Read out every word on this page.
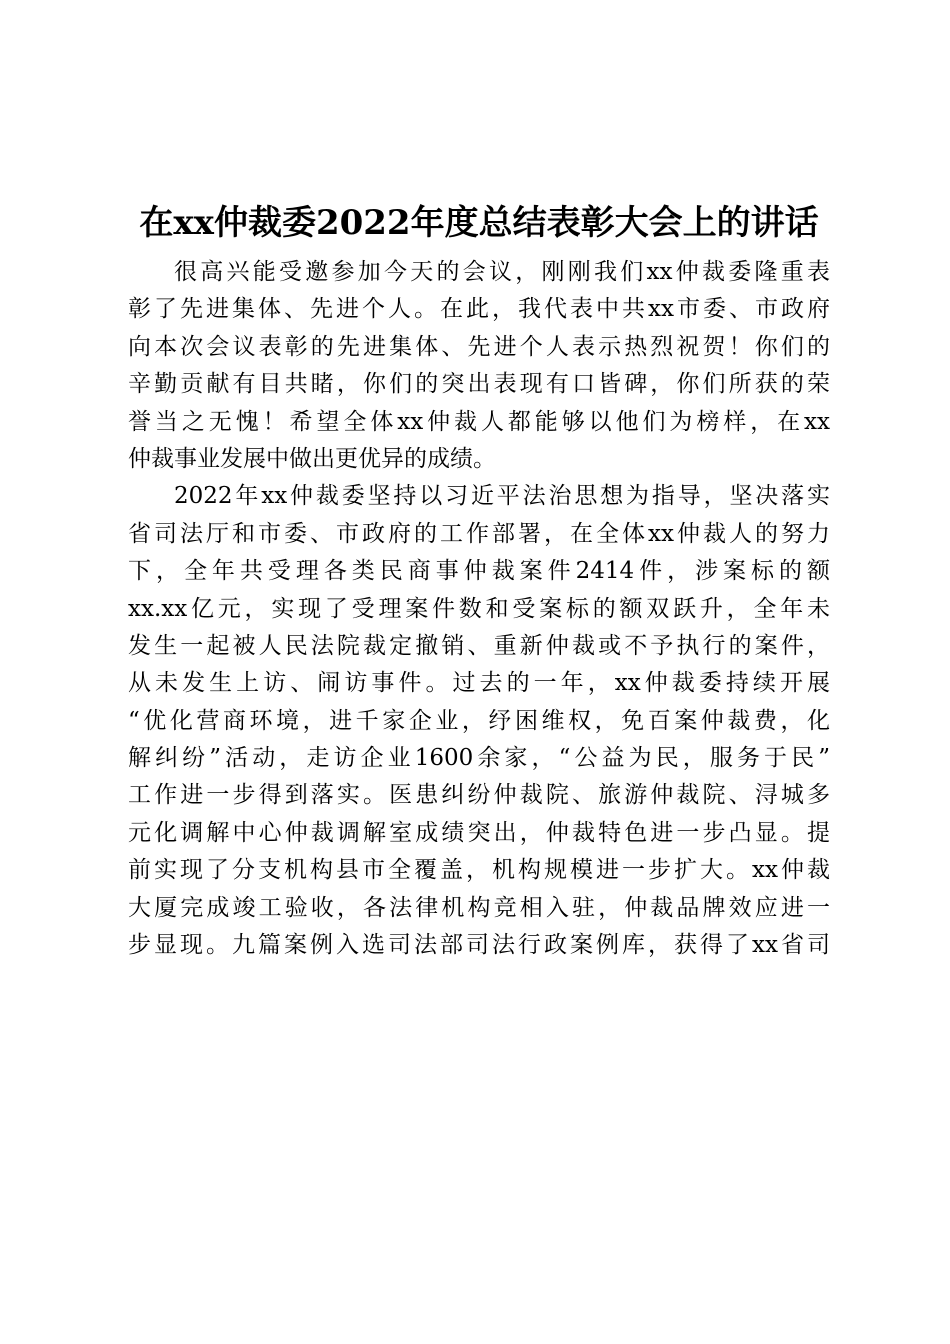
在xx仲裁委2022年度总结表彰大会上的讲话

很高兴能受邀参加今天的会议，刚刚我们xx仲裁委隆重表
彰了先进集体、先进个人。在此，我代表中共xx市委、市政府
向本次会议表彰的先进集体、先进个人表示热烈祝贺！你们的
辛勤贡献有目共睹，你们的突出表现有口皆碑，你们所获的荣
誉当之无愧！希望全体xx仲裁人都能够以他们为榜样，在xx
仲裁事业发展中做出更优异的成绩。

2022年xx仲裁委坚持以习近平法治思想为指导，坚决落实
省司法厅和市委、市政府的工作部署，在全体xx仲裁人的努力
下，全年共受理各类民商事仲裁案件2414件，涉案标的额
xx.xx亿元，实现了受理案件数和受案标的额双跃升，全年未
发生一起被人民法院裁定撤销、重新仲裁或不予执行的案件，
从未发生上访、闹访事件。过去的一年，xx仲裁委持续开展
“优化营商环境，进千家企业，纾困维权，免百案仲裁费，化
解纠纷”活动，走访企业1600余家，“公益为民，服务于民”
工作进一步得到落实。医患纠纷仲裁院、旅游仲裁院、浔城多
元化调解中心仲裁调解室成绩突出，仲裁特色进一步凸显。提
前实现了分支机构县市全覆盖，机构规模进一步扩大。xx仲裁
大厦完成竣工验收，各法律机构竞相入驻，仲裁品牌效应进一
步显现。九篇案例入选司法部司法行政案例库，获得了xx省司
